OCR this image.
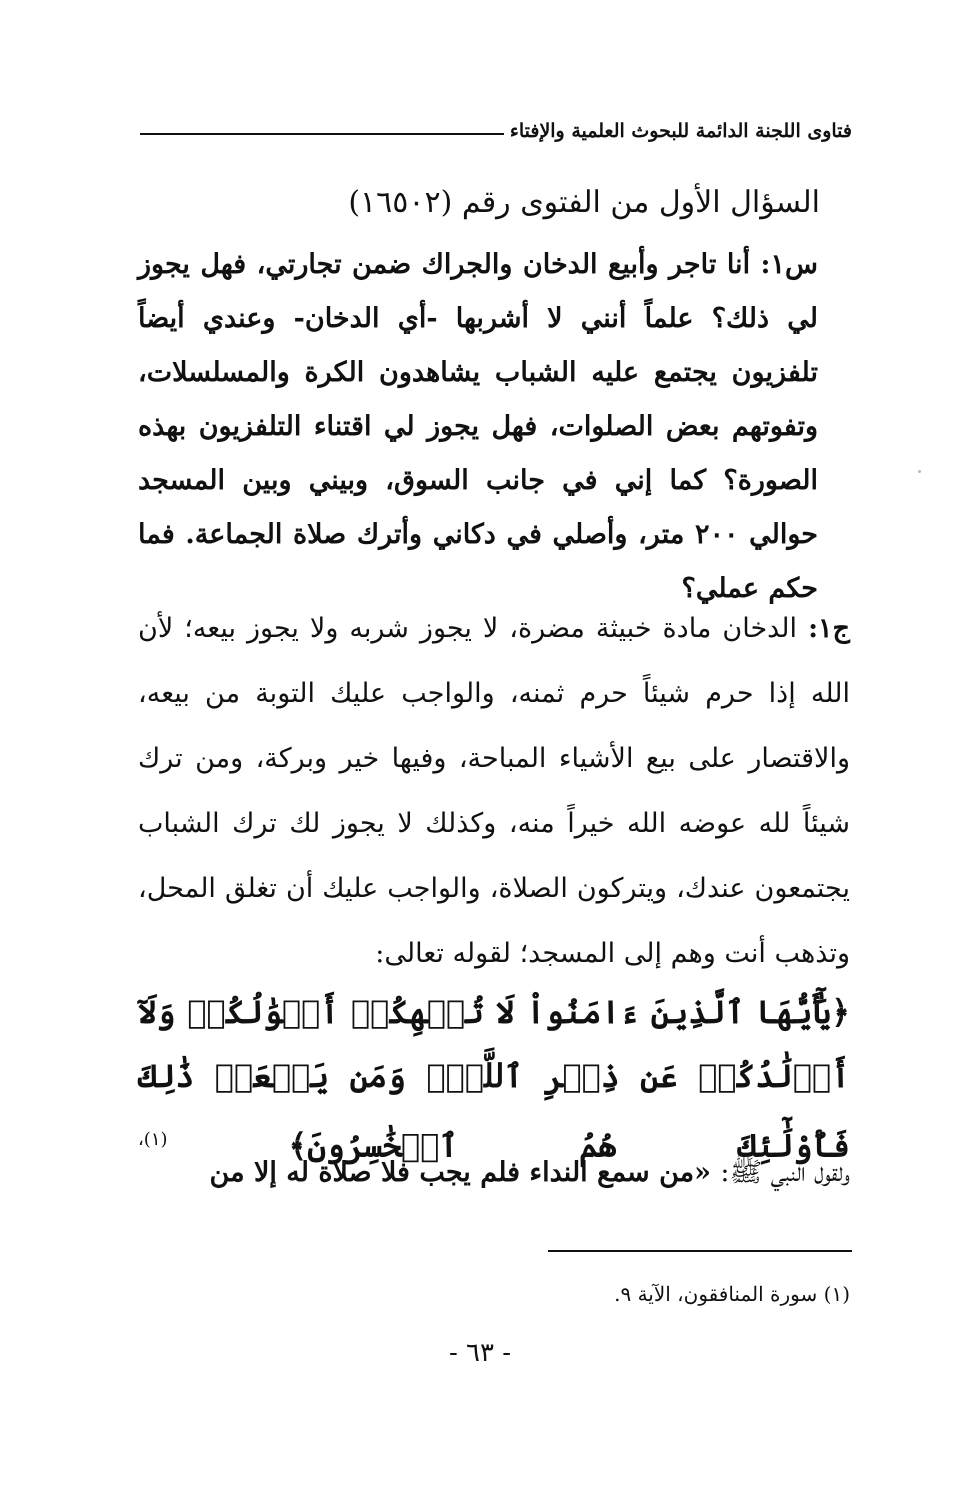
فتاوى اللجنة الدائمة للبحوث العلمية والإفتاء
السؤال الأول من الفتوى رقم (١٦٥٠٢)
س١: أنا تاجر وأبيع الدخان والجراك ضمن تجارتي، فهل يجوز لي ذلك؟ علماً أنني لا أشربها -أي الدخان- وعندي أيضاً تلفزيون يجتمع عليه الشباب يشاهدون الكرة والمسلسلات، وتفوتهم بعض الصلوات، فهل يجوز لي اقتناء التلفزيون بهذه الصورة؟ كما إني في جانب السوق، وبيني وبين المسجد حوالي ٢٠٠ متر، وأصلي في دكاني وأترك صلاة الجماعة. فما حكم عملي؟
ج١: الدخان مادة خبيثة مضرة، لا يجوز شربه ولا يجوز بيعه؛ لأن الله إذا حرم شيئاً حرم ثمنه، والواجب عليك التوبة من بيعه، والاقتصار على بيع الأشياء المباحة، وفيها خير وبركة، ومن ترك شيئاً لله عوضه الله خيراً منه، وكذلك لا يجوز لك ترك الشباب يجتمعون عندك، ويتركون الصلاة، والواجب عليك أن تغلق المحل، وتذهب أنت وهم إلى المسجد؛ لقوله تعالى:
﴿يَٰٓأَيُّهَا ٱلَّذِينَ ءَامَنُواْ لَا تُلۡهِكُمۡ أَمۡوَٰلُكُمۡ وَلَآ أَوۡلَٰدُكُمۡ عَن ذِكۡرِ ٱللَّهِۚ وَمَن يَفۡعَلۡ ذَٰلِكَ فَأُوْلَٰٓئِكَ هُمُ ٱلۡخَٰسِرُونَ﴾ $^{(١)،}$
ولقول النبي ﷺ: «من سمع النداء فلم يجب فلا صلاة له إلا من
(١) سورة المنافقون، الآية ٩.
- ٦٣ -
